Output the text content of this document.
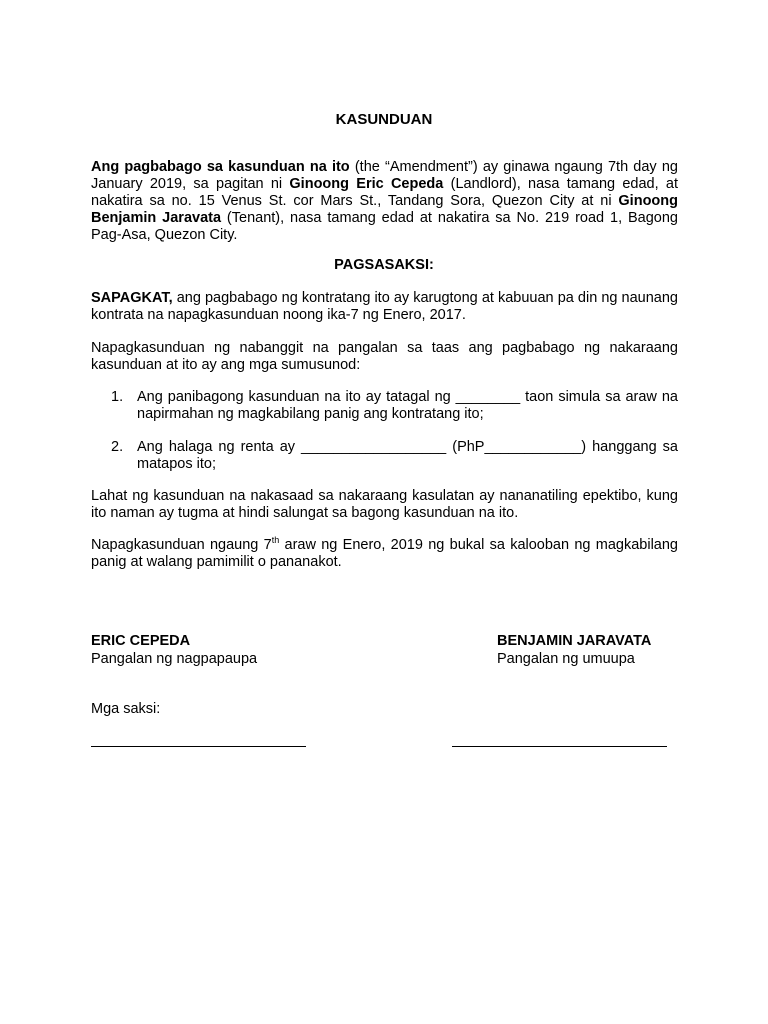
KASUNDUAN
Ang pagbabago sa kasunduan na ito (the “Amendment”) ay ginawa ngaung 7th day ng January 2019, sa pagitan ni Ginoong Eric Cepeda (Landlord), nasa tamang edad, at nakatira sa no. 15 Venus St. cor Mars St., Tandang Sora, Quezon City at ni Ginoong Benjamin Jaravata (Tenant), nasa tamang edad at nakatira sa No. 219 road 1, Bagong Pag-Asa, Quezon City.
PAGSASAKSI:
SAPAGKAT, ang pagbabago ng kontratang ito ay karugtong at kabuuan pa din ng naunang kontrata na napagkasunduan noong ika-7 ng Enero, 2017.
Napagkasunduan ng nabanggit na pangalan sa taas ang pagbabago ng nakaraang kasunduan at ito ay ang mga sumusunod:
1. Ang panibagong kasunduan na ito ay tatagal ng ________ taon simula sa araw na napirmahan ng magkabilang panig ang kontratang ito;
2. Ang halaga ng renta ay __________________ (PhP____________) hanggang sa matapos ito;
Lahat ng kasunduan na nakasaad sa nakaraang kasulatan ay nananatiling epektibo, kung ito naman ay tugma at hindi salungat sa bagong kasunduan na ito.
Napagkasunduan ngaung 7th araw ng Enero, 2019 ng bukal sa kalooban ng magkabilang panig at walang pamimilit o pananakot.
ERIC CEPEDA
Pangalan ng nagpapaupa
BENJAMIN JARAVATA
Pangalan ng umuupa
Mga saksi:
